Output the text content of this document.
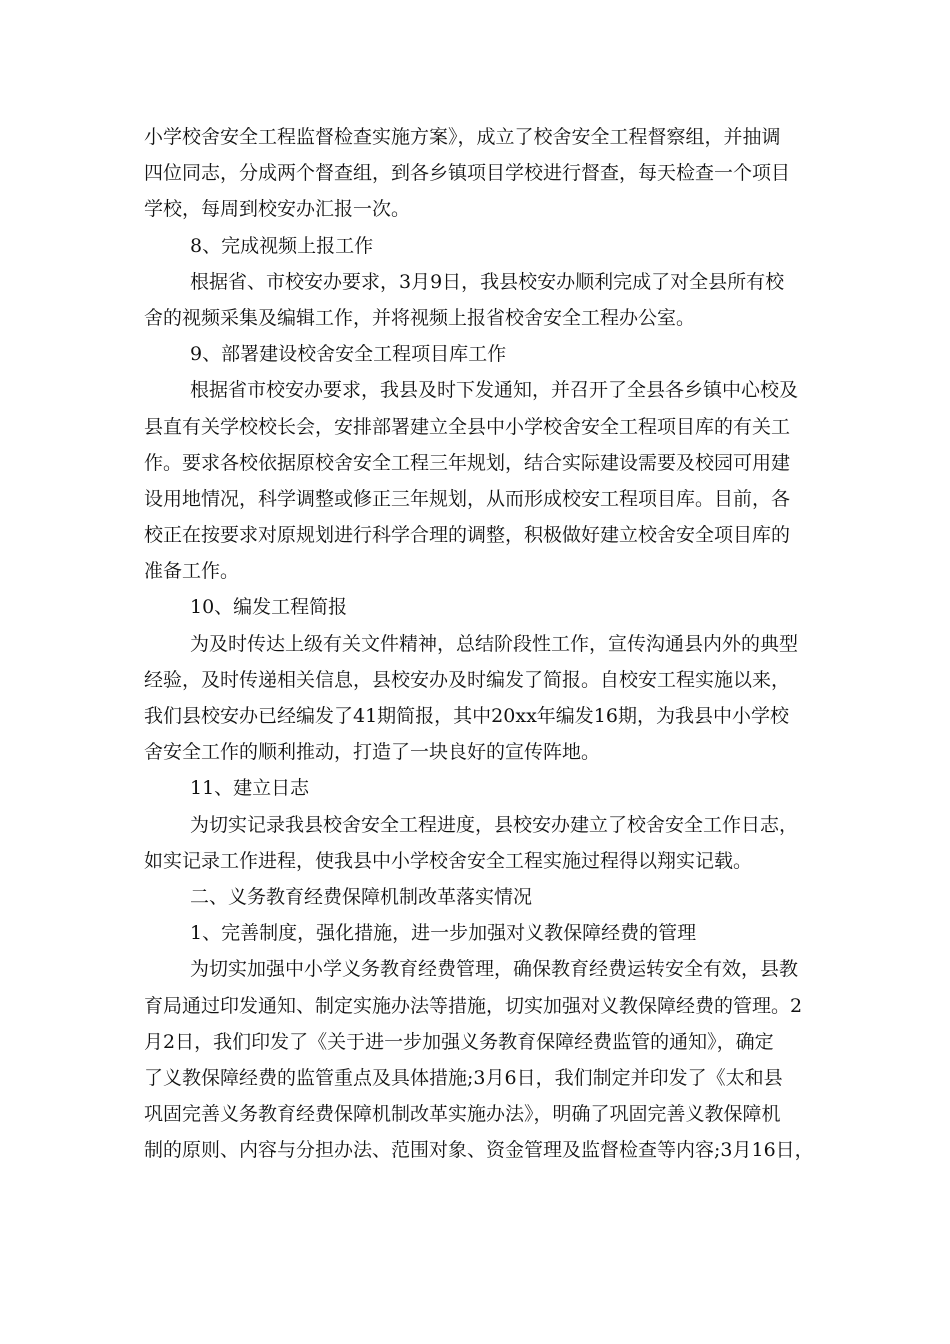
小学校舍安全工程监督检查实施方案》，成立了校舍安全工程督察组，并抽调
四位同志，分成两个督查组，到各乡镇项目学校进行督查，每天检查一个项目
学校，每周到校安办汇报一次。
8、完成视频上报工作
根据省、市校安办要求，3月9日，我县校安办顺利完成了对全县所有校
舍的视频采集及编辑工作，并将视频上报省校舍安全工程办公室。
9、部署建设校舍安全工程项目库工作
根据省市校安办要求，我县及时下发通知，并召开了全县各乡镇中心校及
县直有关学校校长会，安排部署建立全县中小学校舍安全工程项目库的有关工
作。要求各校依据原校舍安全工程三年规划，结合实际建设需要及校园可用建
设用地情况，科学调整或修正三年规划，从而形成校安工程项目库。目前，各
校正在按要求对原规划进行科学合理的调整，积极做好建立校舍安全项目库的
准备工作。
10、编发工程简报
为及时传达上级有关文件精神，总结阶段性工作，宣传沟通县内外的典型
经验，及时传递相关信息，县校安办及时编发了简报。自校安工程实施以来，
我们县校安办已经编发了41期简报，其中20xx年编发16期，为我县中小学校
舍安全工作的顺利推动，打造了一块良好的宣传阵地。
11、建立日志
为切实记录我县校舍安全工程进度，县校安办建立了校舍安全工作日志，
如实记录工作进程，使我县中小学校舍安全工程实施过程得以翔实记载。
二、义务教育经费保障机制改革落实情况
1、完善制度，强化措施，进一步加强对义教保障经费的管理
为切实加强中小学义务教育经费管理，确保教育经费运转安全有效，县教
育局通过印发通知、制定实施办法等措施，切实加强对义教保障经费的管理。2
月2日，我们印发了《关于进一步加强义务教育保障经费监管的通知》，确定
了义教保障经费的监管重点及具体措施;3月6日，我们制定并印发了《太和县
巩固完善义务教育经费保障机制改革实施办法》，明确了巩固完善义教保障机
制的原则、内容与分担办法、范围对象、资金管理及监督检查等内容;3月16日，
